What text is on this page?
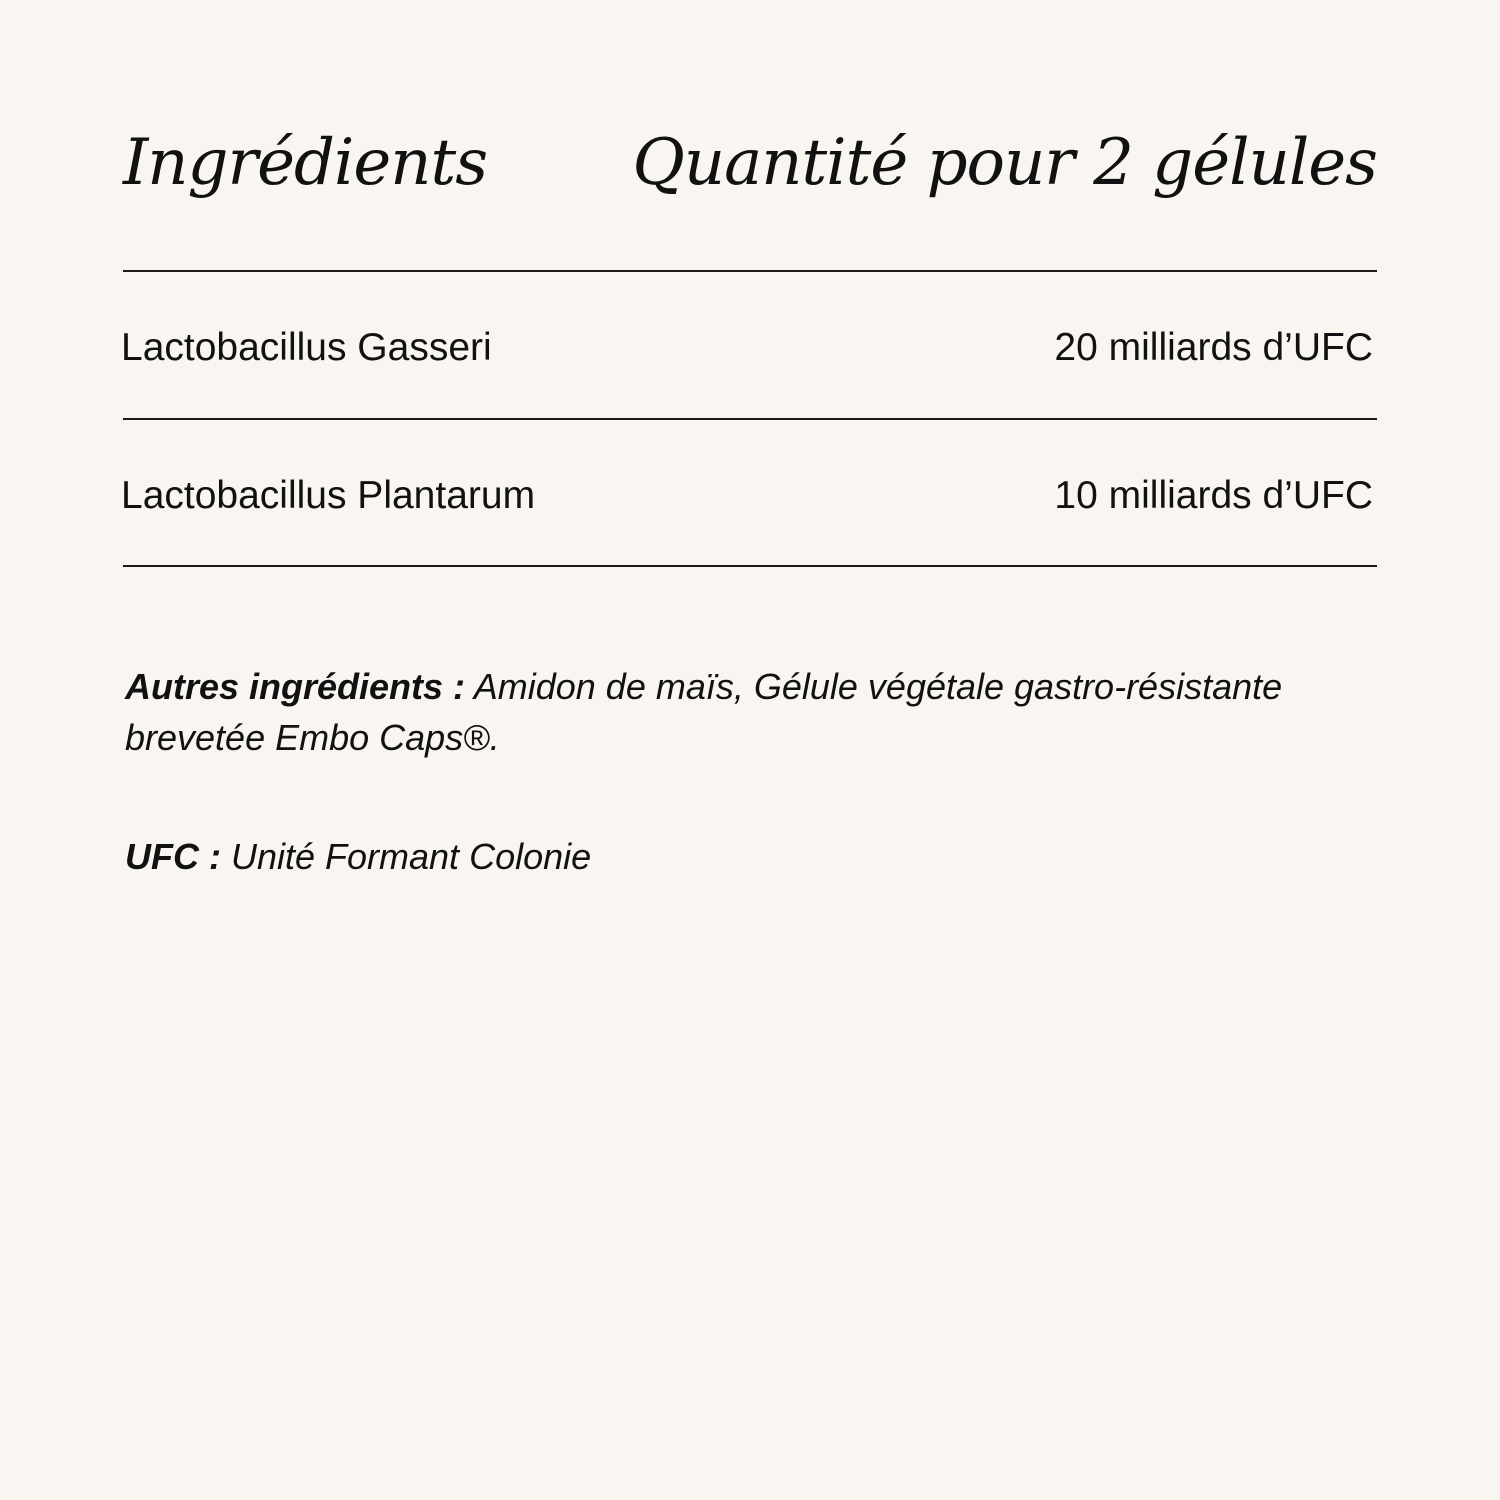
Ingrédients Quantité pour 2 gélules
Lactobacillus Gasseri	20 milliards d’UFC
Lactobacillus Plantarum	10 milliards d’UFC

Autres ingrédients : Amidon de maïs, Gélule végétale gastro-résistante brevetée Embo Caps®.

UFC : Unité Formant Colonie
